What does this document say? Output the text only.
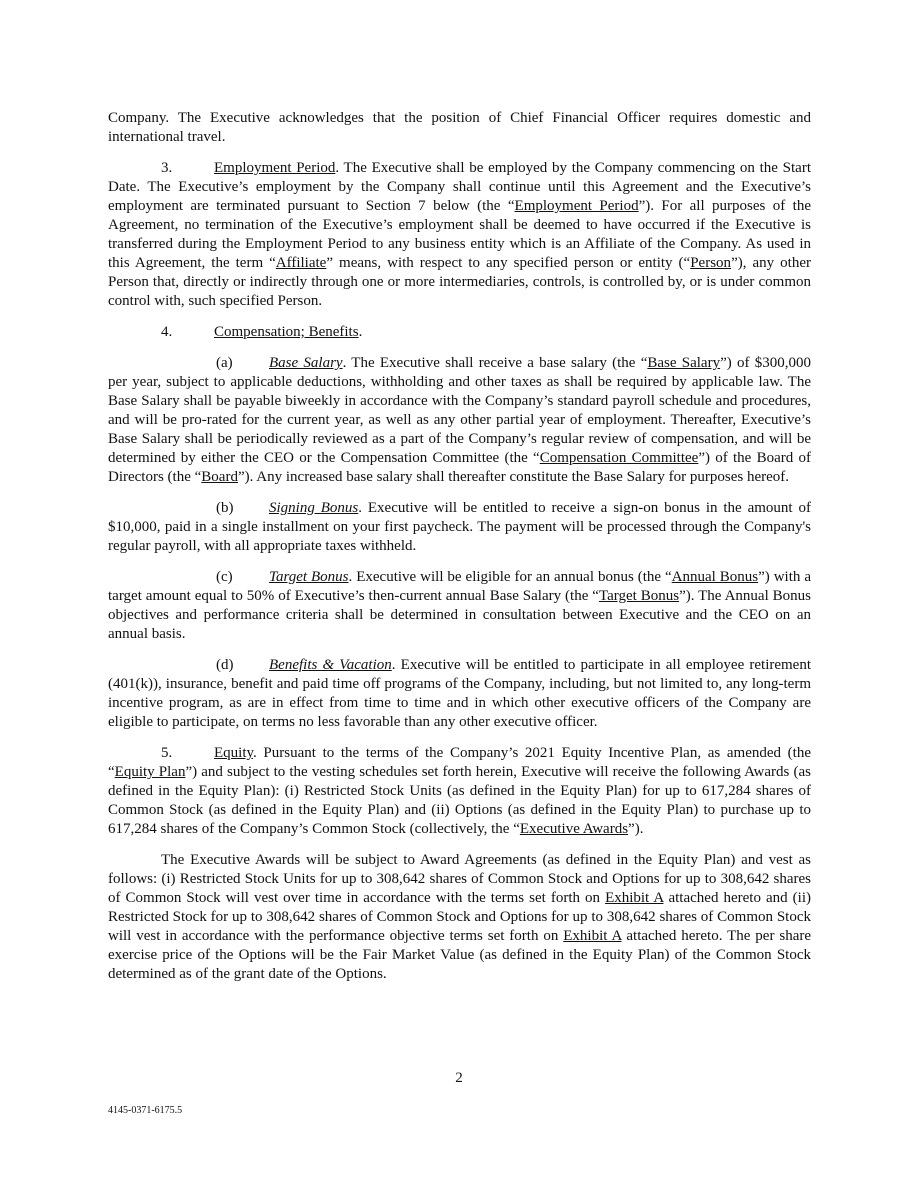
Company. The Executive acknowledges that the position of Chief Financial Officer requires domestic and international travel.

3.	Employment Period. The Executive shall be employed by the Company commencing on the Start Date. The Executive’s employment by the Company shall continue until this Agreement and the Executive’s employment are terminated pursuant to Section 7 below (the “Employment Period”). For all purposes of the Agreement, no termination of the Executive’s employment shall be deemed to have occurred if the Executive is transferred during the Employment Period to any business entity which is an Affiliate of the Company. As used in this Agreement, the term “Affiliate” means, with respect to any specified person or entity (“Person”), any other Person that, directly or indirectly through one or more intermediaries, controls, is controlled by, or is under common control with, such specified Person.

4.	Compensation; Benefits.

(a) Base Salary. The Executive shall receive a base salary (the “Base Salary”) of $300,000 per year, subject to applicable deductions, withholding and other taxes as shall be required by applicable law. The Base Salary shall be payable biweekly in accordance with the Company’s standard payroll schedule and procedures, and will be pro-rated for the current year, as well as any other partial year of employment. Thereafter, Executive’s Base Salary shall be periodically reviewed as a part of the Company’s regular review of compensation, and will be determined by either the CEO or the Compensation Committee (the “Compensation Committee”) of the Board of Directors (the “Board”). Any increased base salary shall thereafter constitute the Base Salary for purposes hereof.

(b) Signing Bonus. Executive will be entitled to receive a sign-on bonus in the amount of $10,000, paid in a single installment on your first paycheck. The payment will be processed through the Company's regular payroll, with all appropriate taxes withheld.

(c) Target Bonus. Executive will be eligible for an annual bonus (the “Annual Bonus”) with a target amount equal to 50% of Executive’s then-current annual Base Salary (the “Target Bonus”). The Annual Bonus objectives and performance criteria shall be determined in consultation between Executive and the CEO on an annual basis.

(d) Benefits & Vacation. Executive will be entitled to participate in all employee retirement (401(k)), insurance, benefit and paid time off programs of the Company, including, but not limited to, any long-term incentive program, as are in effect from time to time and in which other executive officers of the Company are eligible to participate, on terms no less favorable than any other executive officer.

5.	Equity. Pursuant to the terms of the Company’s 2021 Equity Incentive Plan, as amended (the “Equity Plan”) and subject to the vesting schedules set forth herein, Executive will receive the following Awards (as defined in the Equity Plan): (i) Restricted Stock Units (as defined in the Equity Plan) for up to 617,284 shares of Common Stock (as defined in the Equity Plan) and (ii) Options (as defined in the Equity Plan) to purchase up to 617,284 shares of the Company’s Common Stock (collectively, the “Executive Awards”).

The Executive Awards will be subject to Award Agreements (as defined in the Equity Plan) and vest as follows: (i) Restricted Stock Units for up to 308,642 shares of Common Stock and Options for up to 308,642 shares of Common Stock will vest over time in accordance with the terms set forth on Exhibit A attached hereto and (ii) Restricted Stock for up to 308,642 shares of Common Stock and Options for up to 308,642 shares of Common Stock will vest in accordance with the performance objective terms set forth on Exhibit A attached hereto. The per share exercise price of the Options will be the Fair Market Value (as defined in the Equity Plan) of the Common Stock determined as of the grant date of the Options.

2
4145-0371-6175.5
